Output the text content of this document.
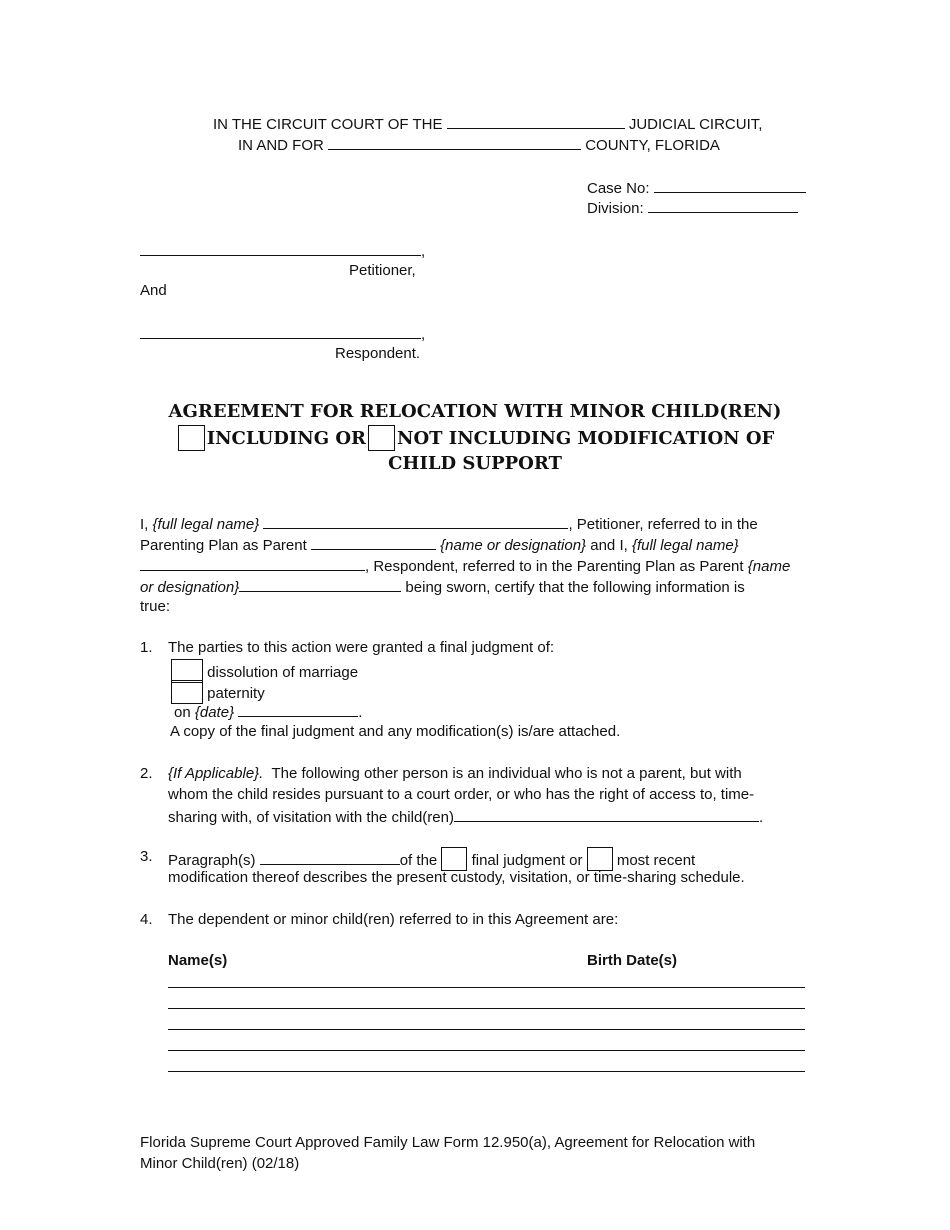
IN THE CIRCUIT COURT OF THE	JUDICIAL CIRCUIT,
IN AND FOR	COUNTY, FLORIDA
Case No:
Division:
,
Petitioner,
And
,
Respondent.
AGREEMENT FOR RELOCATION WITH MINOR CHILD(REN)
INCLUDING OR NOT INCLUDING MODIFICATION OF
CHILD SUPPORT
I, {full legal name}	, Petitioner, referred to in the
Parenting Plan as Parent	{name or designation} and I, {full legal name}
, Respondent, referred to in the Parenting Plan as Parent {name
or designation}	being sworn, certify that the following information is
true:
1. The parties to this action were granted a final judgment of:
dissolution of marriage
paternity
on {date}	.
A copy of the final judgment and any modification(s) is/are attached.
2. {If Applicable}. The following other person is an individual who is not a parent, but with
whom the child resides pursuant to a court order, or who has the right of access to, time-
sharing with, of visitation with the child(ren)	.
3. Paragraph(s)	of the final judgment or most recent
modification thereof describes the present custody, visitation, or time-sharing schedule.
4. The dependent or minor child(ren) referred to in this Agreement are:
Name(s)	Birth Date(s)
Florida Supreme Court Approved Family Law Form 12.950(a), Agreement for Relocation with
Minor Child(ren) (02/18)
